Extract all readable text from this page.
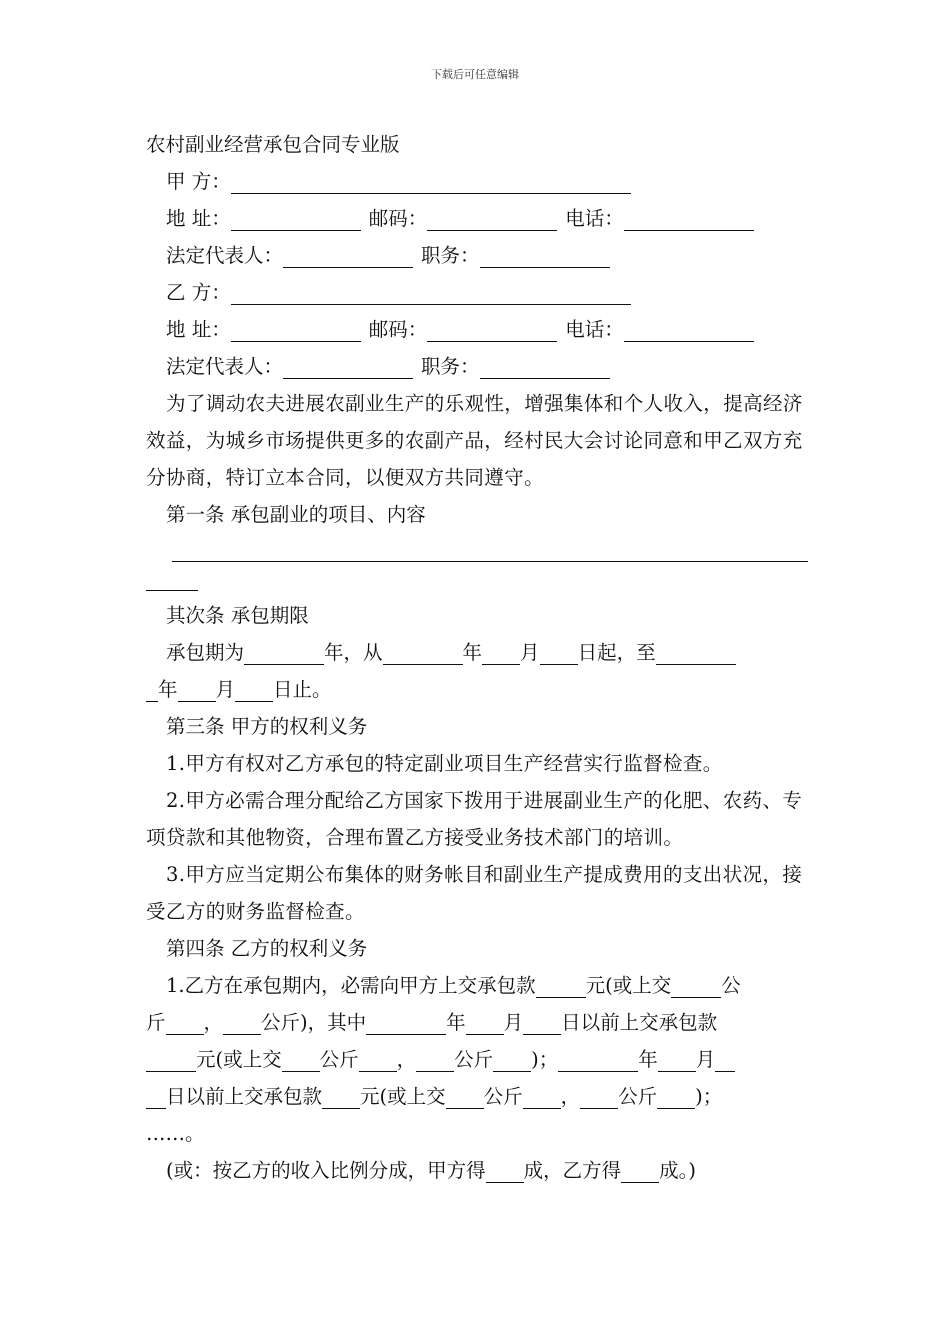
下载后可任意编辑

农村副业经营承包合同专业版

甲 方：

地 址：	邮码：	电话：

法定代表人：	职务：

乙 方：

地 址：	邮码：	电话：

法定代表人：	职务：

为了调动农夫进展农副业生产的乐观性，增强集体和个人收入，提高经济效益，为城乡市场提供更多的农副产品，经村民大会讨论同意和甲乙双方充分协商，特订立本合同，以便双方共同遵守。

第一条 承包副业的项目、内容

其次条 承包期限

承包期为	年，从	年 月 日起，至

年 月 日止。

第三条 甲方的权利义务

1.甲方有权对乙方承包的特定副业项目生产经营实行监督检查。

2.甲方必需合理分配给乙方国家下拨用于进展副业生产的化肥、农药、专项贷款和其他物资，合理布置乙方接受业务技术部门的培训。

3.甲方应当定期公布集体的财务帐目和副业生产提成费用的支出状况，接受乙方的财务监督检查。

第四条 乙方的权利义务

1.乙方在承包期内，必需向甲方上交承包款	元(或上交	公

斤 ， 公斤)，其中	年 月 日以前上交承包款

元(或上交 公斤 ， 公斤 )；	年 月

日以前上交承包款 元(或上交 公斤 ， 公斤 )；

……。

(或：按乙方的收入比例分成，甲方得 成，乙方得 成。)
